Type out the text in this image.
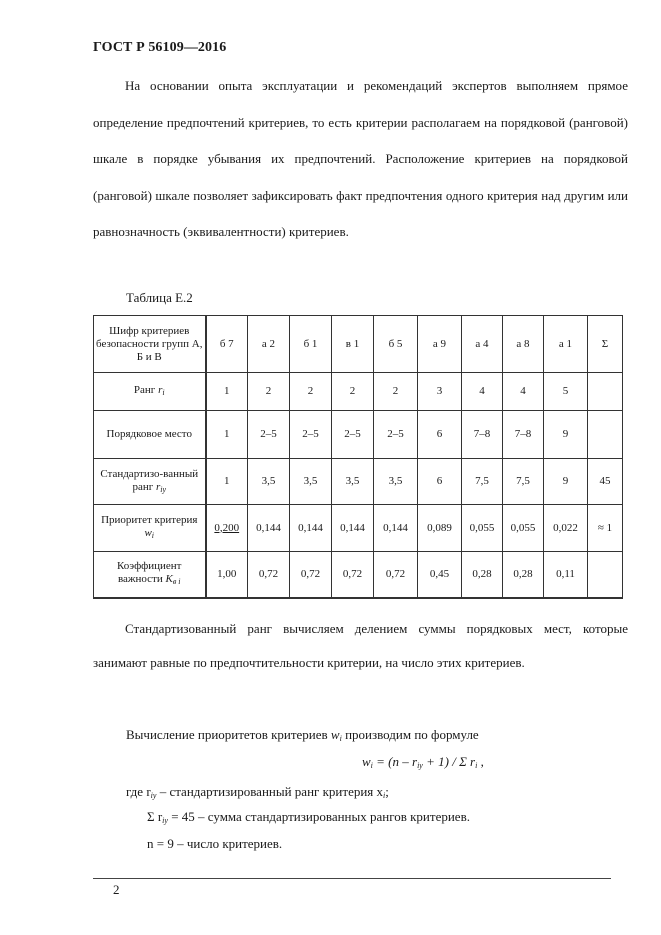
ГОСТ Р 56109—2016

На основании опыта эксплуатации и рекомендаций экспертов выполняем прямое определение предпочтений критериев, то есть критерии располагаем на порядковой (ранговой) шкале в порядке убывания их предпочтений. Расположение критериев на порядковой (ранговой) шкале позволяет зафиксировать факт предпочтения одного критерия над другим или равнозначность (эквивалентности) критериев.

Таблица Е.2
Шифр критериев безопасности групп А, Б и В	б 7	а 2	б 1	в 1	б 5	а 9	а 4	а 8	а 1	Σ
Ранг $r_i$	1	2	2	2	2	3	4	4	5	
Порядковое место	1	2–5	2–5	2–5	2–5	6	7–8	7–8	9	
Стандартизо-ванный ранг $r_{iy}$	1	3,5	3,5	3,5	3,5	6	7,5	7,5	9	45
Приоритет критерия $w_i$	0,200	0,144	0,144	0,144	0,144	0,089	0,055	0,055	0,022	≈ 1
Коэффициент важности $K_{в i}$	1,00	0,72	0,72	0,72	0,72	0,45	0,28	0,28	0,11	

Стандартизованный ранг вычисляем делением суммы порядковых мест, которые занимают равные по предпочтительности критерии, на число этих критериев.

Вычисление приоритетов критериев $w_i$ производим по формуле
$w_i = (n - r_{iy} + 1) / \Sigma$ $r_i$ ,
где $r_{iy}$ – стандартизированный ранг критерия $x_i$;
Σ $r_{iy} = 45$ – сумма стандартизированных рангов критериев.
n = 9 – число критериев.
2
